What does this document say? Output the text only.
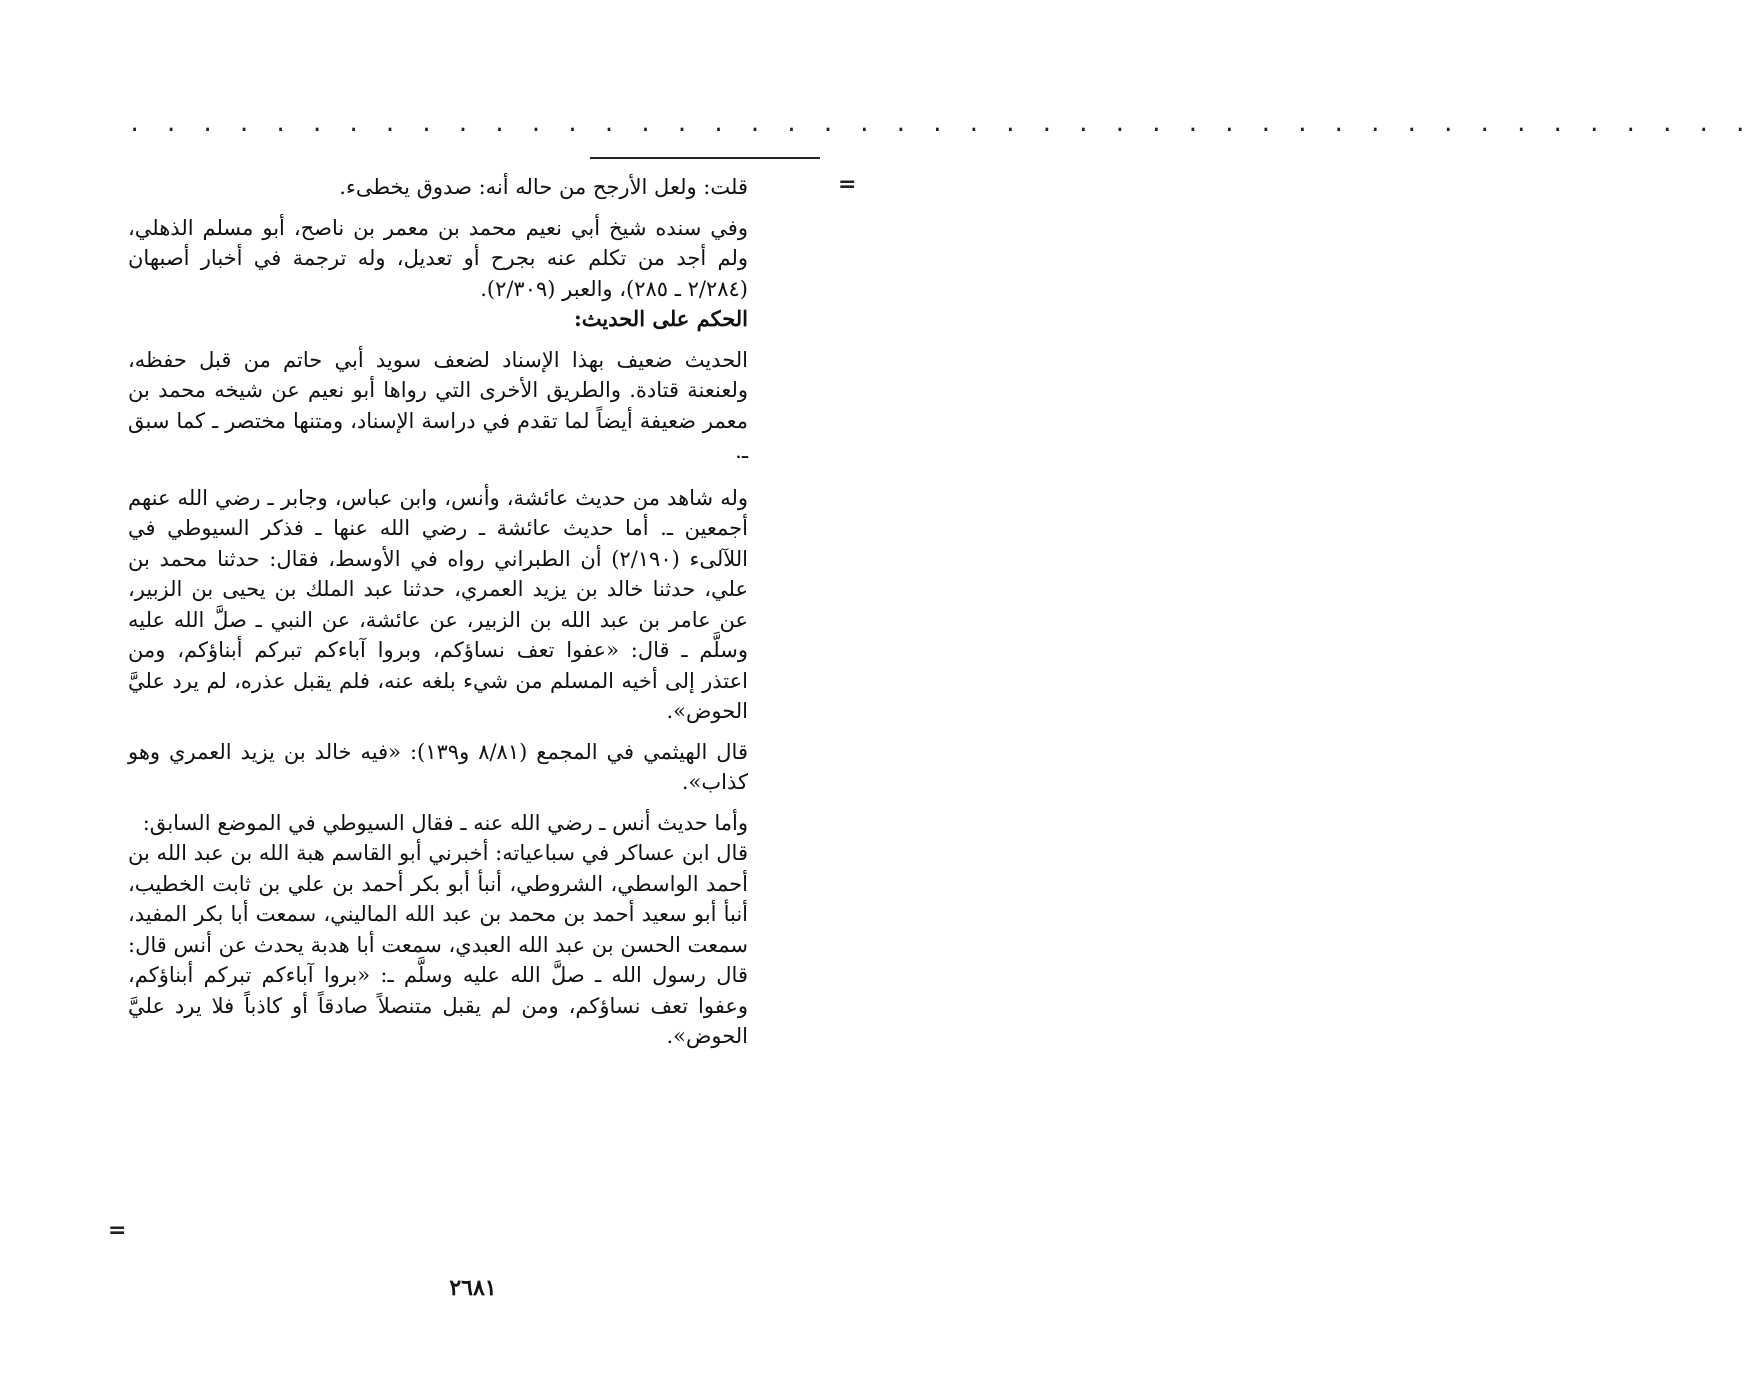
. . . . . . . . . . . . . . . . . . . . . . . . . . . . . . . . . . . . . . . . . . . . .
=
=

قلت: ولعل الأرجح من حاله أنه: صدوق يخطىء.

وفي سنده شيخ أبي نعيم محمد بن معمر بن ناصح، أبو مسلم الذهلي، ولم أجد من تكلم عنه بجرح أو تعديل، وله ترجمة في أخبار أصبهان (٢/٢٨٤ ـ ٢٨٥)، والعبر (٢/٣٠٩).

الحكم على الحديث:

الحديث ضعيف بهذا الإسناد لضعف سويد أبي حاتم من قبل حفظه، ولعنعنة قتادة. والطريق الأخرى التي رواها أبو نعيم عن شيخه محمد بن معمر ضعيفة أيضاً لما تقدم في دراسة الإسناد، ومتنها مختصر ـ كما سبق ـ.

وله شاهد من حديث عائشة، وأنس، وابن عباس، وجابر ـ رضي الله عنهم أجمعين ـ. أما حديث عائشة ـ رضي الله عنها ـ فذكر السيوطي في اللآلىء (٢/١٩٠) أن الطبراني رواه في الأوسط، فقال: حدثنا محمد بن علي، حدثنا خالد بن يزيد العمري، حدثنا عبد الملك بن يحيى بن الزبير، عن عامر بن عبد الله بن الزبير، عن عائشة، عن النبي ـ صلَّ الله عليه وسلَّم ـ قال: «عفوا تعف نساؤكم، وبروا آباءكم تبركم أبناؤكم، ومن اعتذر إلى أخيه المسلم من شيء بلغه عنه، فلم يقبل عذره، لم يرد عليَّ الحوض».

قال الهيثمي في المجمع (٨/٨١ و١٣٩): «فيه خالد بن يزيد العمري وهو كذاب».

وأما حديث أنس ـ رضي الله عنه ـ فقال السيوطي في الموضع السابق:

قال ابن عساكر في سباعياته: أخبرني أبو القاسم هبة الله بن عبد الله بن أحمد الواسطي، الشروطي، أنبأ أبو بكر أحمد بن علي بن ثابت الخطيب، أنبأ أبو سعيد أحمد بن محمد بن عبد الله الماليني، سمعت أبا بكر المفيد، سمعت الحسن بن عبد الله العبدي، سمعت أبا هدبة يحدث عن أنس قال: قال رسول الله ـ صلَّ الله عليه وسلَّم ـ: «بروا آباءكم تبركم أبناؤكم، وعفوا تعف نساؤكم، ومن لم يقبل متنصلاً صادقاً أو كاذباً فلا يرد عليَّ الحوض».

٢٦٨١
